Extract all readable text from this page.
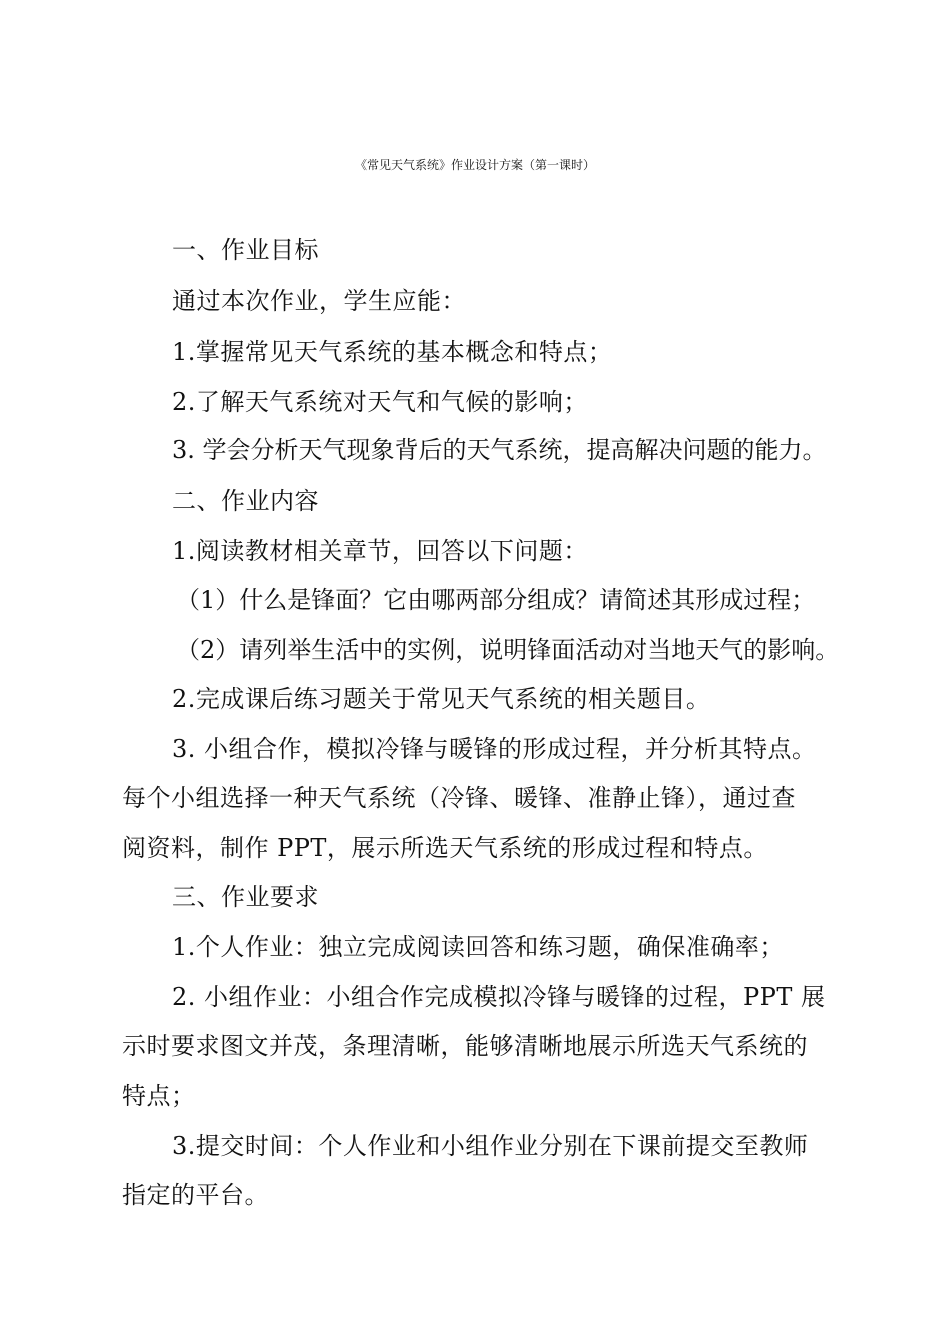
《常见天气系统》作业设计方案（第一课时）
一、作业目标
通过本次作业，学生应能：
1.掌握常见天气系统的基本概念和特点；
2.了解天气系统对天气和气候的影响；
3. 学会分析天气现象背后的天气系统，提高解决问题的能力。
二、作业内容
1.阅读教材相关章节，回答以下问题：
（1）什么是锋面？它由哪两部分组成？请简述其形成过程；
（2）请列举生活中的实例，说明锋面活动对当地天气的影响。
2.完成课后练习题关于常见天气系统的相关题目。
3. 小组合作，模拟冷锋与暖锋的形成过程，并分析其特点。
每个小组选择一种天气系统（冷锋、暖锋、准静止锋），通过查
阅资料，制作 PPT，展示所选天气系统的形成过程和特点。
三、作业要求
1.个人作业：独立完成阅读回答和练习题，确保准确率；
2. 小组作业：小组合作完成模拟冷锋与暖锋的过程，PPT 展
示时要求图文并茂，条理清晰，能够清晰地展示所选天气系统的
特点；
3.提交时间：个人作业和小组作业分别在下课前提交至教师
指定的平台。
